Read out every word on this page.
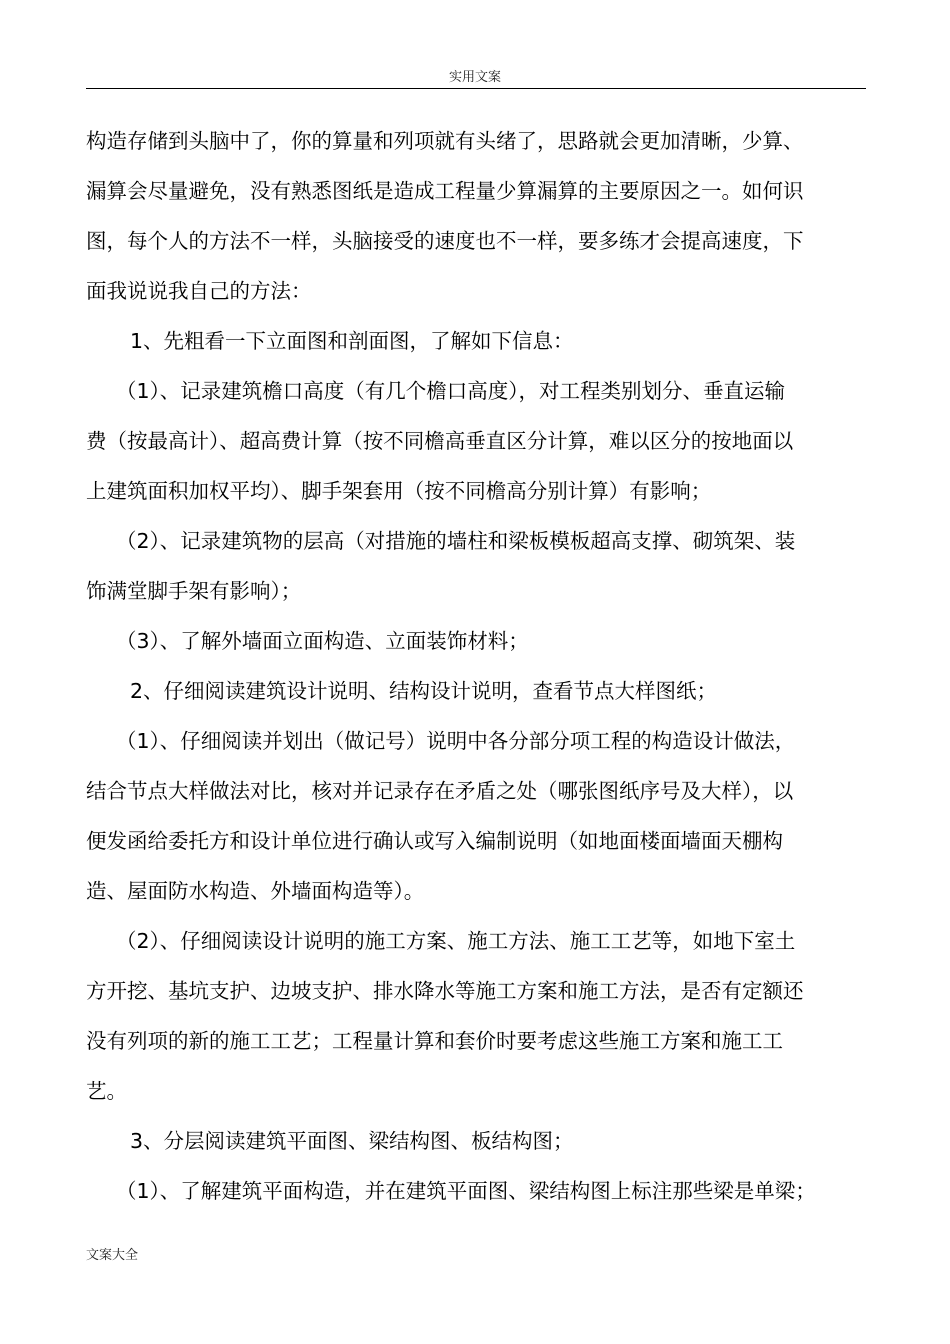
实用文案
构造存储到头脑中了，你的算量和列项就有头绪了，思路就会更加清晰，少算、
漏算会尽量避免，没有熟悉图纸是造成工程量少算漏算的主要原因之一。如何识
图，每个人的方法不一样，头脑接受的速度也不一样，要多练才会提高速度，下
面我说说我自己的方法：
1、先粗看一下立面图和剖面图，了解如下信息：
（1）、记录建筑檐口高度（有几个檐口高度），对工程类别划分、垂直运输
费（按最高计）、超高费计算（按不同檐高垂直区分计算，难以区分的按地面以
上建筑面积加权平均）、脚手架套用（按不同檐高分别计算）有影响；
（2）、记录建筑物的层高（对措施的墙柱和梁板模板超高支撑、砌筑架、装
饰满堂脚手架有影响）；
（3）、了解外墙面立面构造、立面装饰材料；
2、仔细阅读建筑设计说明、结构设计说明，查看节点大样图纸；
（1）、仔细阅读并划出（做记号）说明中各分部分项工程的构造设计做法，
结合节点大样做法对比，核对并记录存在矛盾之处（哪张图纸序号及大样），以
便发函给委托方和设计单位进行确认或写入编制说明（如地面楼面墙面天棚构
造、屋面防水构造、外墙面构造等）。
（2）、仔细阅读设计说明的施工方案、施工方法、施工工艺等，如地下室土
方开挖、基坑支护、边坡支护、排水降水等施工方案和施工方法，是否有定额还
没有列项的新的施工工艺；工程量计算和套价时要考虑这些施工方案和施工工
艺。
3、分层阅读建筑平面图、梁结构图、板结构图；
（1）、了解建筑平面构造，并在建筑平面图、梁结构图上标注那些梁是单梁；
文案大全
